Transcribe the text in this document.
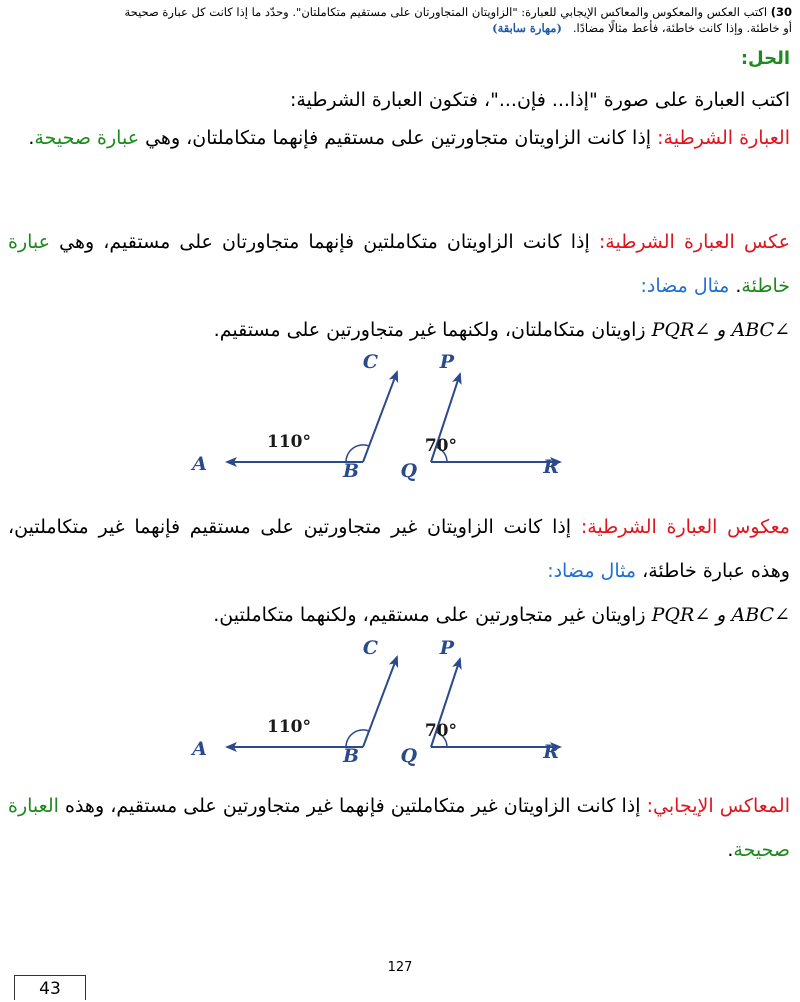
30) اكتب العكس والمعكوس والمعاكس الإيجابي للعبارة: "الزاويتان المتجاورتان على مستقيم متكاملتان". وحدّد ما إذا كانت كل عبارة صحيحة
أو خاطئة. وإذا كانت خاطئة، فأعط مثالًا مضادًا.   (مهارة سابقة)
الحل:
اكتب العبارة على صورة "إذا... فإن..."، فتكون العبارة الشرطية:
العبارة الشرطية: إذا كانت الزاويتان متجاورتين على مستقيم فإنهما متكاملتان، وهي عبارة صحيحة.
عكس العبارة الشرطية: إذا كانت الزاويتان متكاملتين فإنهما متجاورتان على مستقيم، وهي عبارة خاطئة. مثال مضاد:
∠ABC و ∠PQR زاويتان متكاملتان، ولكنهما غير متجاورتين على مستقيم.
A	B
C	P
Q	R
110°	70°
معكوس العبارة الشرطية: إذا كانت الزاويتان غير متجاورتين على مستقيم فإنهما غير متكاملتين، وهذه عبارة خاطئة، مثال مضاد:
∠ABC و ∠PQR زاويتان غير متجاورتين على مستقيم، ولكنهما متكاملتين.
A	B
C	P
Q	R
110°	70°
المعاكس الإيجابي: إذا كانت الزاويتان غير متكاملتين فإنهما غير متجاورتين على مستقيم، وهذه العبارة صحيحة.
127
43
